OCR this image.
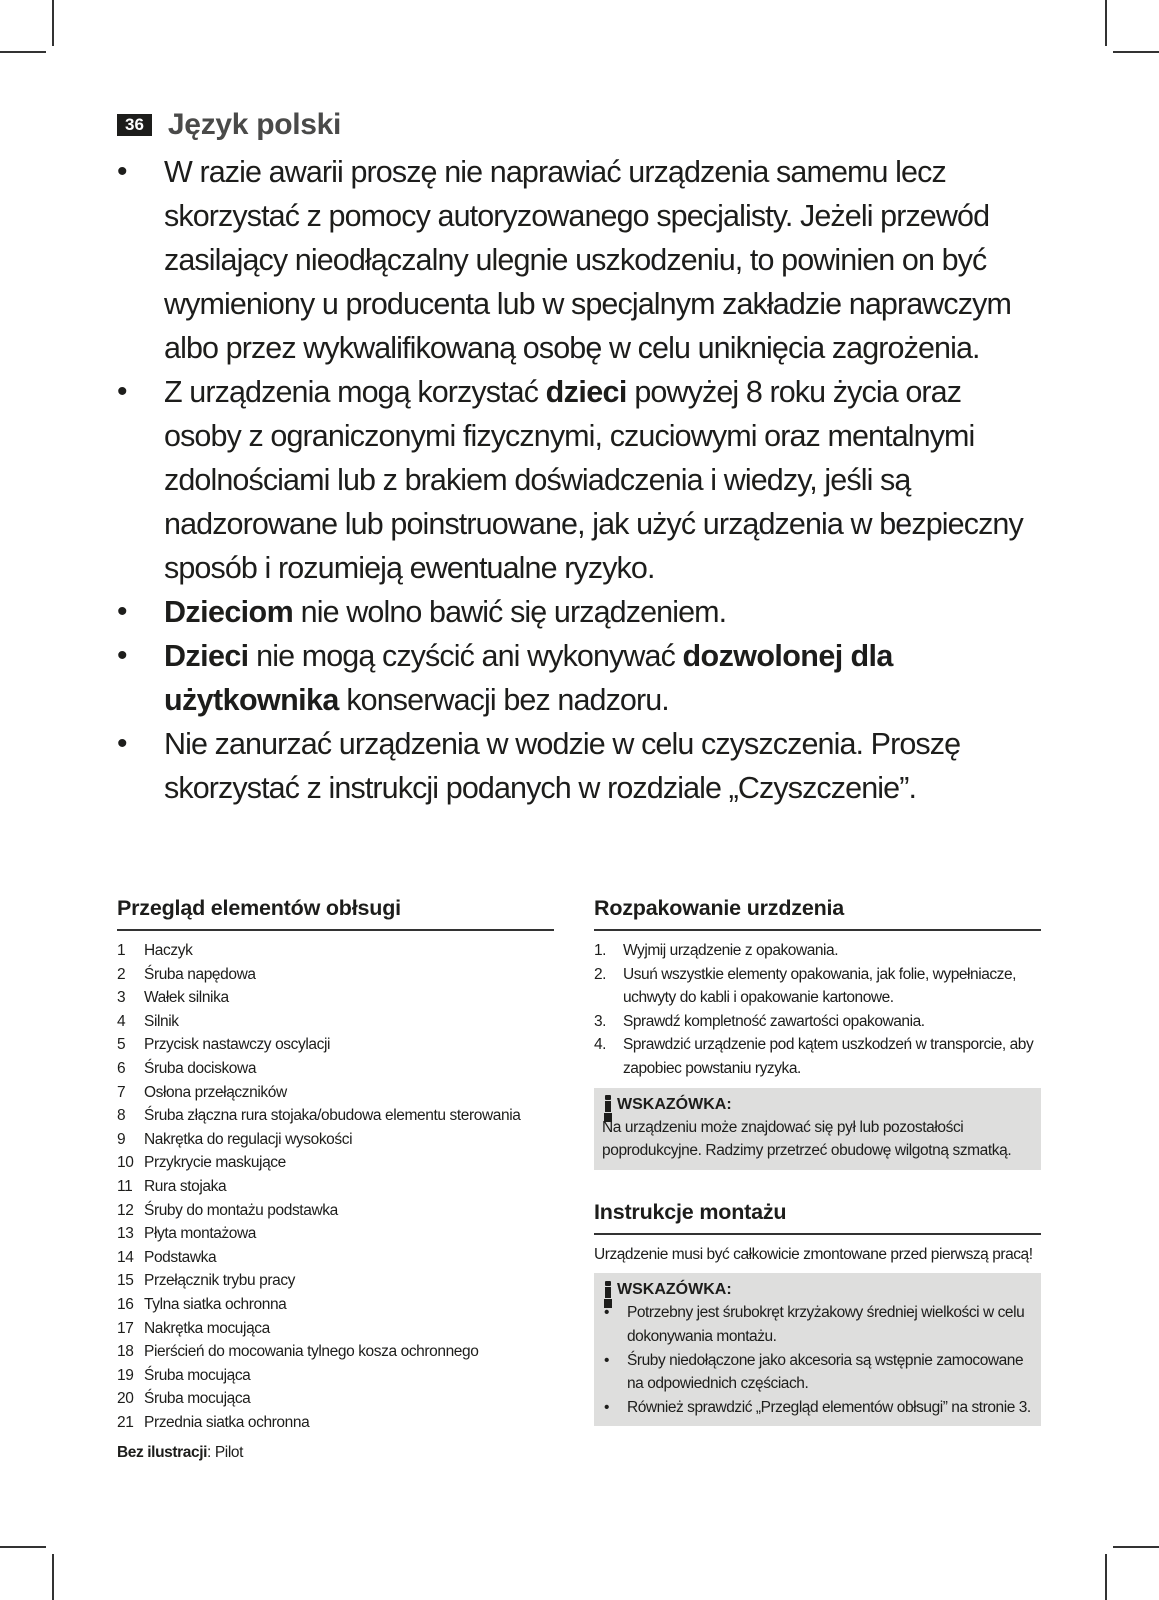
36 Język polski
• W razie awarii proszę nie naprawiać urządzenia samemu lecz skorzystać z pomocy autoryzowanego specjalisty. Jeżeli przewód zasilający nieodłączalny ulegnie uszkodzeniu, to powinien on być wymieniony u producenta lub w specjalnym zakładzie naprawczym albo przez wykwalifikowaną osobę w celu uniknięcia zagrożenia.
• Z urządzenia mogą korzystać dzieci powyżej 8 roku życia oraz osoby z ograniczonymi fizycznymi, czuciowymi oraz mentalnymi zdolnościami lub z brakiem doświadczenia i wiedzy, jeśli są nadzorowane lub poinstruowane, jak użyć urządzenia w bezpieczny sposób i rozumieją ewentualne ryzyko.
• Dzieciom nie wolno bawić się urządzeniem.
• Dzieci nie mogą czyścić ani wykonywać dozwolonej dla użytkownika konserwacji bez nadzoru.
• Nie zanurzać urządzenia w wodzie w celu czyszczenia. Proszę skorzystać z instrukcji podanych w rozdziale „Czyszczenie”.
Przegląd elementów obłsugi
1	Haczyk
2	Śruba napędowa
3	Wałek silnika
4	Silnik
5	Przycisk nastawczy oscylacji
6	Śruba dociskowa
7	Osłona przełączników
8	Śruba złączna rura stojaka/obudowa elementu sterowania
9	Nakrętka do regulacji wysokości
10 Przykrycie maskujące
11 Rura stojaka
12 Śruby do montażu podstawka
13 Płyta montażowa
14 Podstawka
15 Przełącznik trybu pracy
16 Tylna siatka ochronna
17 Nakrętka mocująca
18 Pierścień do mocowania tylnego kosza ochronnego
19 Śruba mocująca
20 Śruba mocująca
21 Przednia siatka ochronna
Bez ilustracji: Pilot
Rozpakowanie urzdzenia
1. Wyjmij urządzenie z opakowania.
2. Usuń wszystkie elementy opakowania, jak folie, wypełniacze, uchwyty do kabli i opakowanie kartonowe.
3. Sprawdź kompletność zawartości opakowania.
4. Sprawdzić urządzenie pod kątem uszkodzeń w transporcie, aby zapobiec powstaniu ryzyka.
WSKAZÓWKA:
Na urządzeniu może znajdować się pył lub pozostałości poprodukcyjne. Radzimy przetrzeć obudowę wilgotną szmatką.
Instrukcje montażu
Urządzenie musi być całkowicie zmontowane przed pierwszą pracą!
WSKAZÓWKA:
• Potrzebny jest śrubokręt krzyżakowy średniej wielkości w celu dokonywania montażu.
• Śruby niedołączone jako akcesoria są wstępnie zamocowane na odpowiednich częściach.
• Również sprawdzić „Przegląd elementów obłsugi” na stronie 3.
